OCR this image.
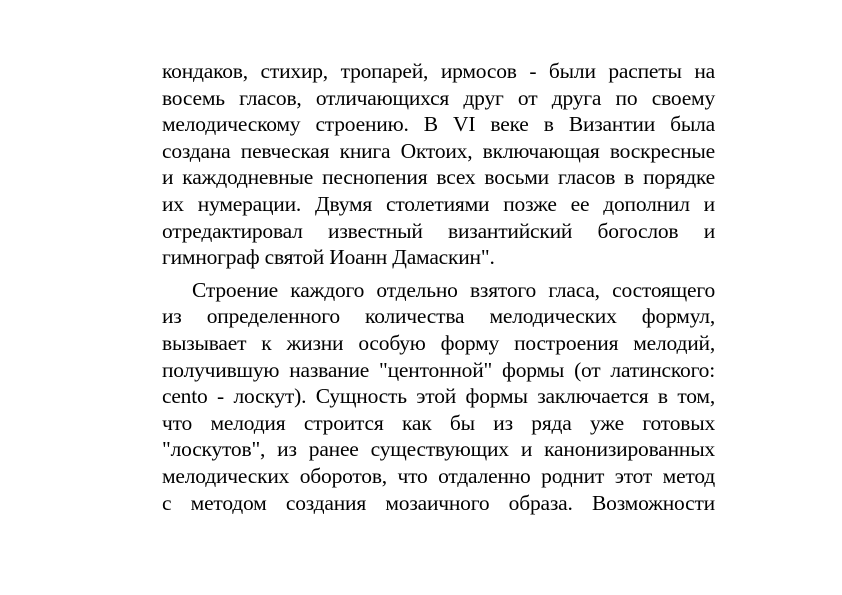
кондаков, стихир, тропарей, ирмосов - были распеты на
восемь гласов, отличающихся друг от друга по своему
мелодическому строению. В VI веке в Византии была
создана певческая книга Октоих, включающая воскресные
и каждодневные песнопения всех восьми гласов в порядке
их нумерации. Двумя столетиями позже ее дополнил и
отредактировал известный византийский богослов и
гимнограф святой Иоанн Дамаскин".
Строение каждого отдельно взятого гласа, состоящего
из определенного количества мелодических формул,
вызывает к жизни особую форму построения мелодий,
получившую название "центонной" формы (от латинского:
cento - лоскут). Сущность этой формы заключается в том,
что мелодия строится как бы из ряда уже готовых
"лоскутов", из ранее существующих и канонизированных
мелодических оборотов, что отдаленно роднит этот метод
с методом создания мозаичного образа. Возможности
